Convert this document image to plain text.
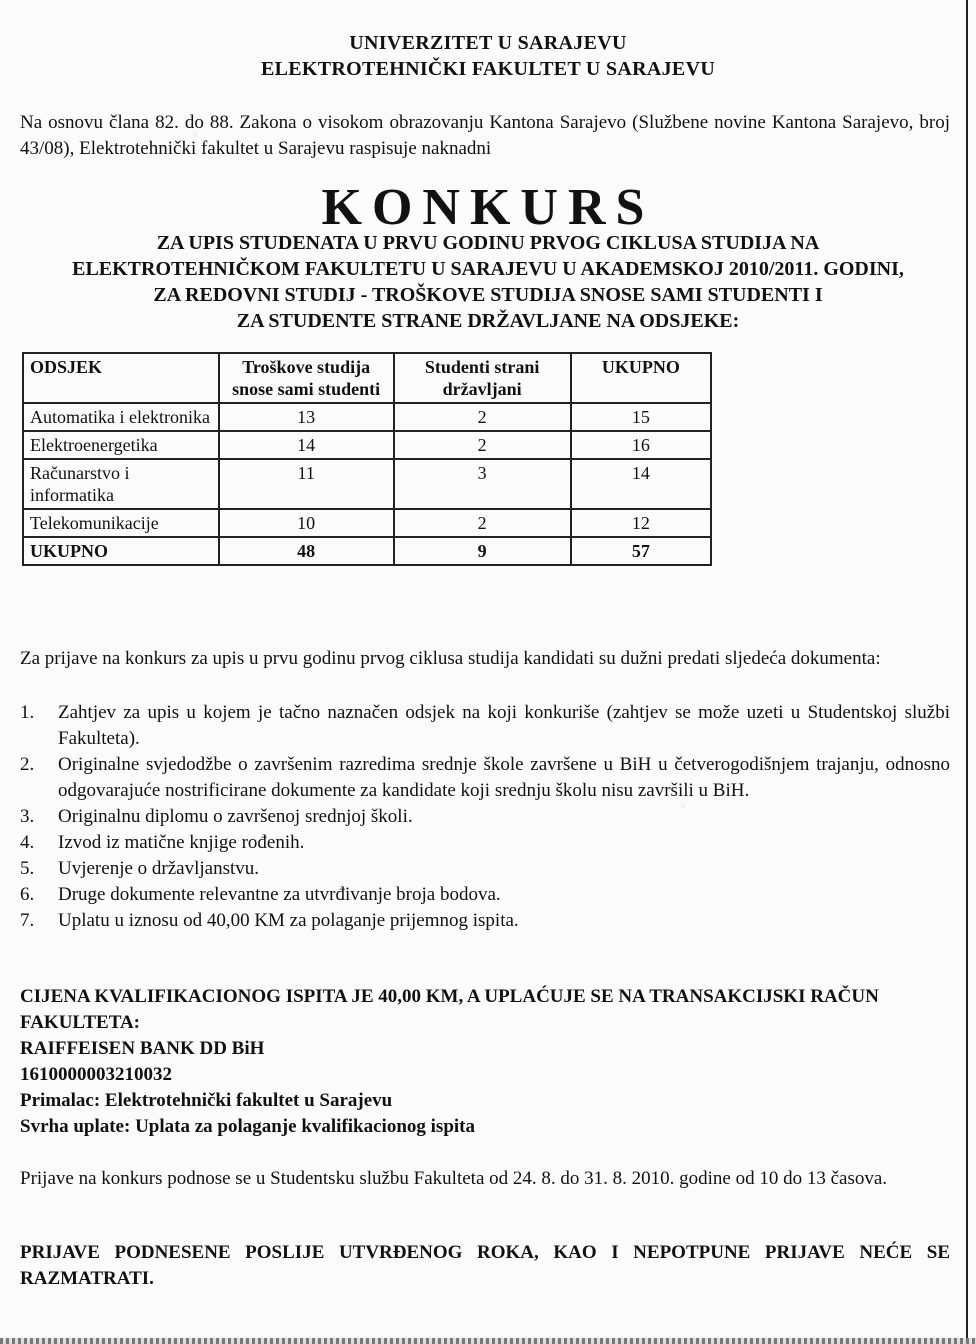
UNIVERZITET U SARAJEVU
ELEKTROTEHNIČKI FAKULTET U SARAJEVU
Na osnovu člana 82. do 88. Zakona o visokom obrazovanju Kantona Sarajevo (Službene novine Kantona Sarajevo, broj 43/08), Elektrotehnički fakultet u Sarajevu raspisuje naknadni
KONKURS
ZA UPIS STUDENATA U PRVU GODINU PRVOG CIKLUSA STUDIJA NA
ELEKTROTEHNIČKOM FAKULTETU U SARAJEVU U AKADEMSKOJ 2010/2011. GODINI,
ZA REDOVNI STUDIJ - TROŠKOVE STUDIJA SNOSE SAMI STUDENTI I
ZA STUDENTE STRANE DRŽAVLJANE NA ODSJEKE:
ODSJEK	Troškove studija snose sami studenti	Studenti strani državljani	UKUPNO
Automatika i elektronika	13	2	15
Elektroenergetika	14	2	16
Računarstvo i informatika	11	3	14
Telekomunikacije	10	2	12
UKUPNO	48	9	57
Za prijave na konkurs za upis u prvu godinu prvog ciklusa studija kandidati su dužni predati sljedeća dokumenta:
1. Zahtjev za upis u kojem je tačno naznačen odsjek na koji konkuriše (zahtjev se može uzeti u Studentskoj službi Fakulteta).
2. Originalne svjedodžbe o završenim razredima srednje škole završene u BiH u četverogodišnjem trajanju, odnosno odgovarajuće nostrificirane dokumente za kandidate koji srednju školu nisu završili u BiH.
3. Originalnu diplomu o završenoj srednjoj školi.
4. Izvod iz matične knjige rođenih.
5. Uvjerenje o državljanstvu.
6. Druge dokumente relevantne za utvrđivanje broja bodova.
7. Uplatu u iznosu od 40,00 KM za polaganje prijemnog ispita.
CIJENA KVALIFIKACIONOG ISPITA JE 40,00 KM, A UPLAĆUJE SE NA TRANSAKCIJSKI RAČUN FAKULTETA:
RAIFFEISEN BANK DD BiH
1610000003210032
Primalac: Elektrotehnički fakultet u Sarajevu
Svrha uplate: Uplata za polaganje kvalifikacionog ispita
Prijave na konkurs podnose se u Studentsku službu Fakulteta od 24. 8. do 31. 8. 2010. godine od 10 do 13 časova.
PRIJAVE PODNESENE POSLIJE UTVRĐENOG ROKA, KAO I NEPOTPUNE PRIJAVE NEĆE SE RAZMATRATI.
